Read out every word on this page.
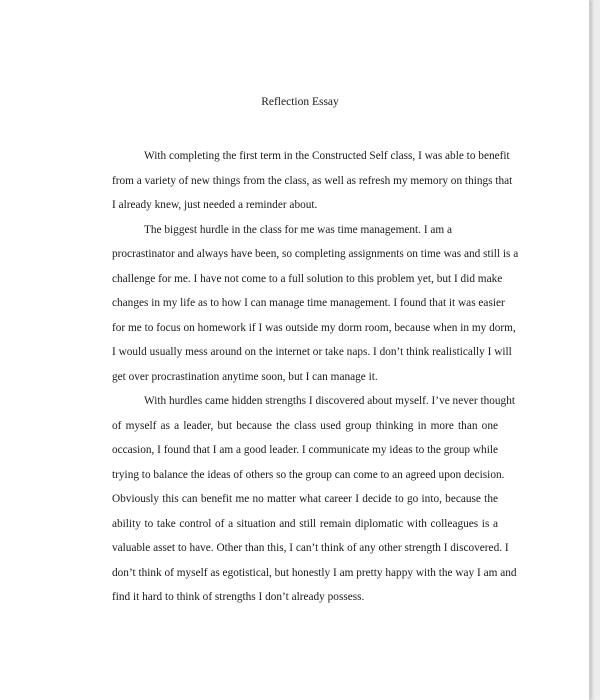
Reflection Essay
With completing the first term in the Constructed Self class, I was able to benefit
from a variety of new things from the class, as well as refresh my memory on things that
I already knew, just needed a reminder about.
The biggest hurdle in the class for me was time management. I am a
procrastinator and always have been, so completing assignments on time was and still is a
challenge for me. I have not come to a full solution to this problem yet, but I did make
changes in my life as to how I can manage time management. I found that it was easier
for me to focus on homework if I was outside my dorm room, because when in my dorm,
I would usually mess around on the internet or take naps. I don’t think realistically I will
get over procrastination anytime soon, but I can manage it.
With hurdles came hidden strengths I discovered about myself. I’ve never thought
of myself as a leader, but because the class used group thinking in more than one
occasion, I found that I am a good leader. I communicate my ideas to the group while
trying to balance the ideas of others so the group can come to an agreed upon decision.
Obviously this can benefit me no matter what career I decide to go into, because the
ability to take control of a situation and still remain diplomatic with colleagues is a
valuable asset to have. Other than this, I can’t think of any other strength I discovered. I
don’t think of myself as egotistical, but honestly I am pretty happy with the way I am and
find it hard to think of strengths I don’t already possess.
